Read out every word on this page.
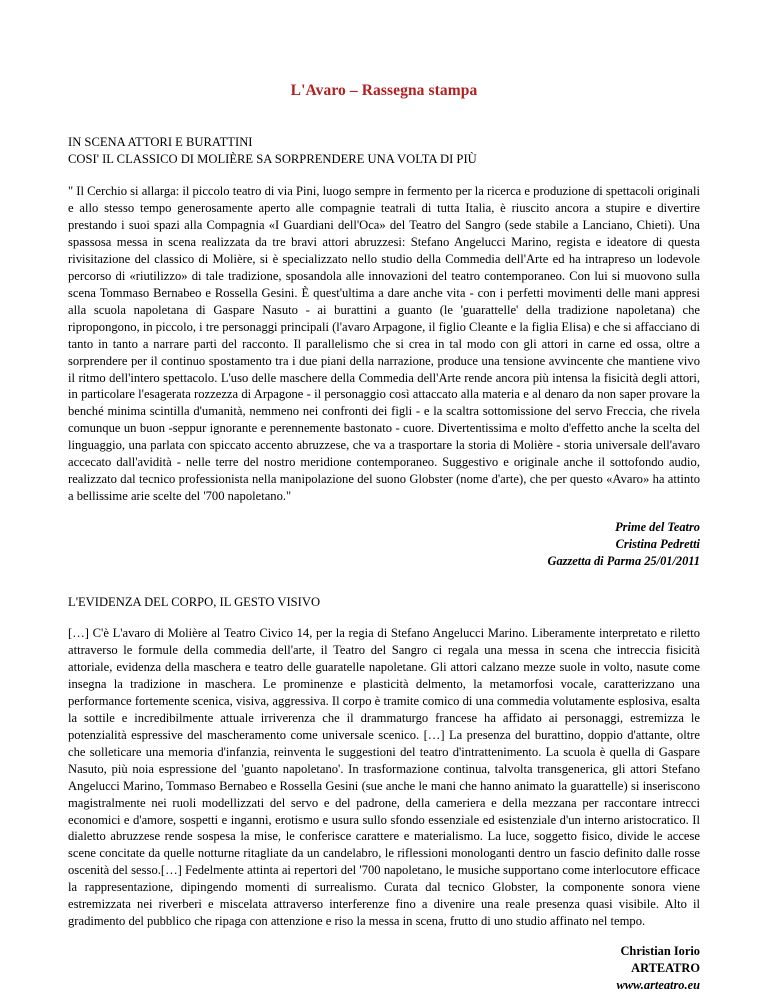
L'Avaro – Rassegna stampa
IN SCENA ATTORI E BURATTINI
COSI' IL CLASSICO DI MOLIÈRE SA SORPRENDERE UNA VOLTA DI PIÙ

" Il Cerchio si allarga: il piccolo teatro di via Pini, luogo sempre in fermento per la ricerca e produzione di spettacoli originali e allo stesso tempo generosamente aperto alle compagnie teatrali di tutta Italia, è riuscito ancora a stupire e divertire prestando i suoi spazi alla Compagnia «I Guardiani dell'Oca» del Teatro del Sangro (sede stabile a Lanciano, Chieti). Una spassosa messa in scena realizzata da tre bravi attori abruzzesi: Stefano Angelucci Marino, regista e ideatore di questa rivisitazione del classico di Molière, si è specializzato nello studio della Commedia dell'Arte ed ha intrapreso un lodevole percorso di «riutilizzo» di tale tradizione, sposandola alle innovazioni del teatro contemporaneo. Con lui si muovono sulla scena Tommaso Bernabeo e Rossella Gesini. È quest'ultima a dare anche vita - con i perfetti movimenti delle mani appresi alla scuola napoletana di Gaspare Nasuto - ai burattini a guanto (le 'guarattelle' della tradizione napoletana) che ripropongono, in piccolo, i tre personaggi principali (l'avaro Arpagone, il figlio Cleante e la figlia Elisa) e che si affacciano di tanto in tanto a narrare parti del racconto. Il parallelismo che si crea in tal modo con gli attori in carne ed ossa, oltre a sorprendere per il continuo spostamento tra i due piani della narrazione, produce una tensione avvincente che mantiene vivo il ritmo dell'intero spettacolo. L'uso delle maschere della Commedia dell'Arte rende ancora più intensa la fisicità degli attori, in particolare l'esagerata rozzezza di Arpagone - il personaggio così attaccato alla materia e al denaro da non saper provare la benché minima scintilla d'umanità, nemmeno nei confronti dei figli - e la scaltra sottomissione del servo Freccia, che rivela comunque un buon -seppur ignorante e perennemente bastonato - cuore. Divertentissima e molto d'effetto anche la scelta del linguaggio, una parlata con spiccato accento abruzzese, che va a trasportare la storia di Molière - storia universale dell'avaro accecato dall'avidità - nelle terre del nostro meridione contemporaneo. Suggestivo e originale anche il sottofondo audio, realizzato dal tecnico professionista nella manipolazione del suono Globster (nome d'arte), che per questo «Avaro» ha attinto a bellissime arie scelte del '700 napoletano."

Prime del Teatro
Cristina Pedretti
Gazzetta di Parma 25/01/2011
L'EVIDENZA DEL CORPO, IL GESTO VISIVO

[…] C'è L'avaro di Molière al Teatro Civico 14, per la regia di Stefano Angelucci Marino. Liberamente interpretato e riletto attraverso le formule della commedia dell'arte, il Teatro del Sangro ci regala una messa in scena che intreccia fisicità attoriale, evidenza della maschera e teatro delle guaratelle napoletane. Gli attori calzano mezze suole in volto, nasute come insegna la tradizione in maschera. Le prominenze e plasticità delmento, la metamorfosi vocale, caratterizzano una performance fortemente scenica, visiva, aggressiva. Il corpo è tramite comico di una commedia volutamente esplosiva, esalta la sottile e incredibilmente attuale irriverenza che il drammaturgo francese ha affidato ai personaggi, estremizza le potenzialità espressive del mascheramento come universale scenico. […] La presenza del burattino, doppio d'attante, oltre che solleticare una memoria d'infanzia, reinventa le suggestioni del teatro d'intrattenimento. La scuola è quella di Gaspare Nasuto, più noia espressione del 'guanto napoletano'. In trasformazione continua, talvolta transgenerica, gli attori Stefano Angelucci Marino, Tommaso Bernabeo e Rossella Gesini (sue anche le mani che hanno animato la guarattelle) si inseriscono magistralmente nei ruoli modellizzati del servo e del padrone, della cameriera e della mezzana per raccontare intrecci economici e d'amore, sospetti e inganni, erotismo e usura sullo sfondo essenziale ed esistenziale d'un interno aristocratico. Il dialetto abruzzese rende sospesa la mise, le conferisce carattere e materialismo. La luce, soggetto fisico, divide le accese scene concitate da quelle notturne ritagliate da un candelabro, le riflessioni monologanti dentro un fascio definito dalle rosse oscenità del sesso.[…] Fedelmente attinta ai repertori del '700 napoletano, le musiche supportano come interlocutore efficace la rappresentazione, dipingendo momenti di surrealismo. Curata dal tecnico Globster, la componente sonora viene estremizzata nei riverberi e miscelata attraverso interferenze fino a divenire una reale presenza quasi visibile. Alto il gradimento del pubblico che ripaga con attenzione e riso la messa in scena, frutto di uno studio affinato nel tempo.

Christian Iorio
ARTEATRO
www.arteatro.eu
